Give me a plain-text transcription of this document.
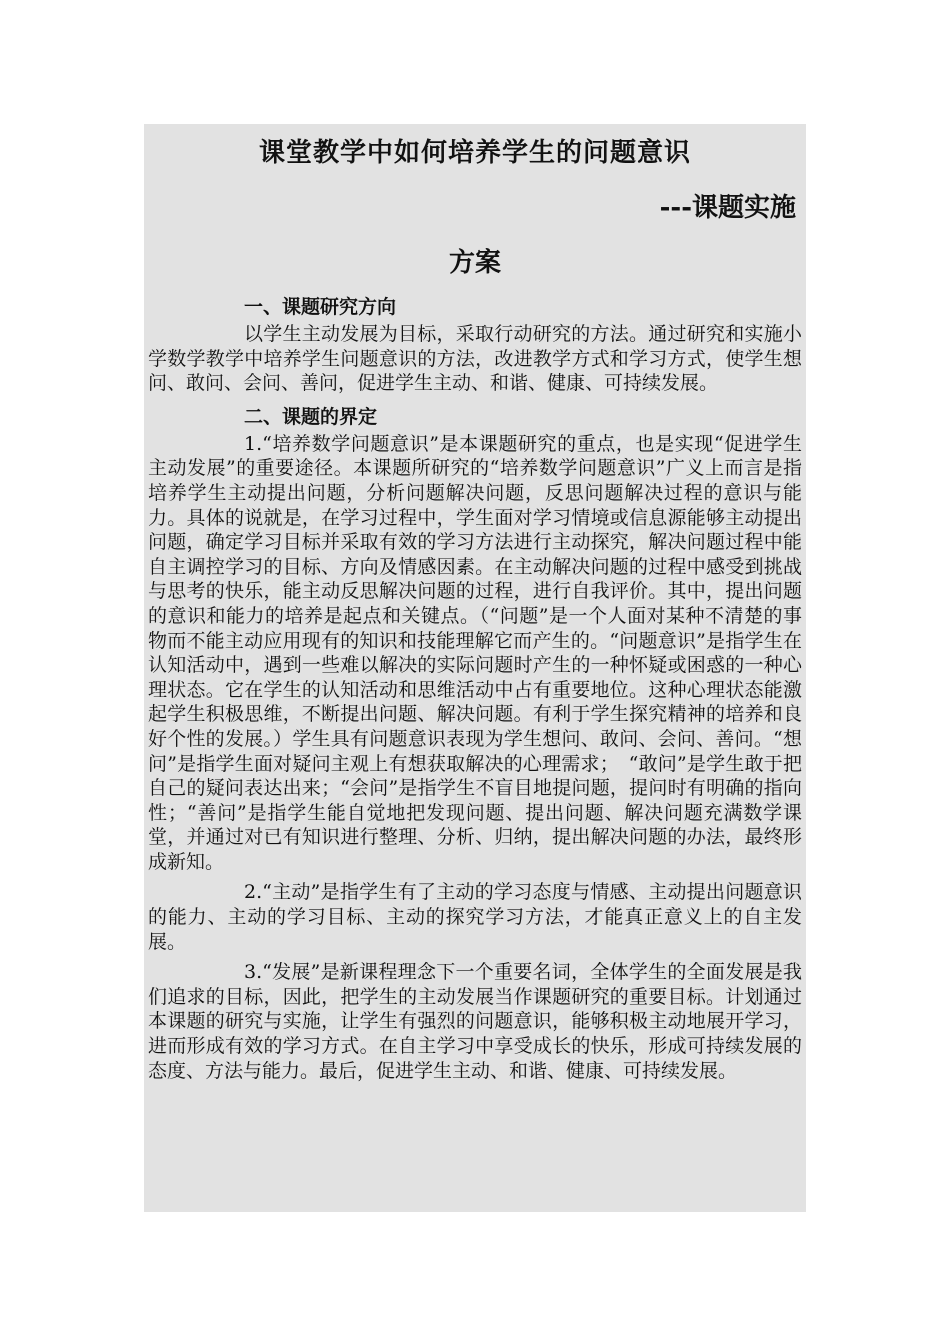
课堂教学中如何培养学生的问题意识
---课题实施
方案
一、课题研究方向

以学生主动发展为目标，采取行动研究的方法。通过研究和实施小学数学教学中培养学生问题意识的方法，改进教学方式和学习方式，使学生想问、敢问、会问、善问，促进学生主动、和谐、健康、可持续发展。

二、课题的界定

1.“培养数学问题意识”是本课题研究的重点，也是实现“促进学生主动发展”的重要途径。本课题所研究的“培养数学问题意识”广义上而言是指培养学生主动提出问题，分析问题解决问题，反思问题解决过程的意识与能力。具体的说就是，在学习过程中，学生面对学习情境或信息源能够主动提出问题，确定学习目标并采取有效的学习方法进行主动探究，解决问题过程中能自主调控学习的目标、方向及情感因素。在主动解决问题的过程中感受到挑战与思考的快乐，能主动反思解决问题的过程，进行自我评价。其中，提出问题的意识和能力的培养是起点和关键点。（“问题”是一个人面对某种不清楚的事物而不能主动应用现有的知识和技能理解它而产生的。“问题意识”是指学生在认知活动中，遇到一些难以解决的实际问题时产生的一种怀疑或困惑的一种心理状态。它在学生的认知活动和思维活动中占有重要地位。这种心理状态能激起学生积极思维，不断提出问题、解决问题。有利于学生探究精神的培养和良好个性的发展。）学生具有问题意识表现为学生想问、敢问、会问、善问。“想问”是指学生面对疑问主观上有想获取解决的心理需求；　“敢问”是学生敢于把自己的疑问表达出来；“会问”是指学生不盲目地提问题，提问时有明确的指向性；“善问”是指学生能自觉地把发现问题、提出问题、解决问题充满数学课堂，并通过对已有知识进行整理、分析、归纳，提出解决问题的办法，最终形成新知。

2.“主动”是指学生有了主动的学习态度与情感、主动提出问题意识的能力、主动的学习目标、主动的探究学习方法，才能真正意义上的自主发展。

3.“发展”是新课程理念下一个重要名词，全体学生的全面发展是我们追求的目标，因此，把学生的主动发展当作课题研究的重要目标。计划通过本课题的研究与实施，让学生有强烈的问题意识，能够积极主动地展开学习，进而形成有效的学习方式。在自主学习中享受成长的快乐，形成可持续发展的态度、方法与能力。最后，促进学生主动、和谐、健康、可持续发展。
